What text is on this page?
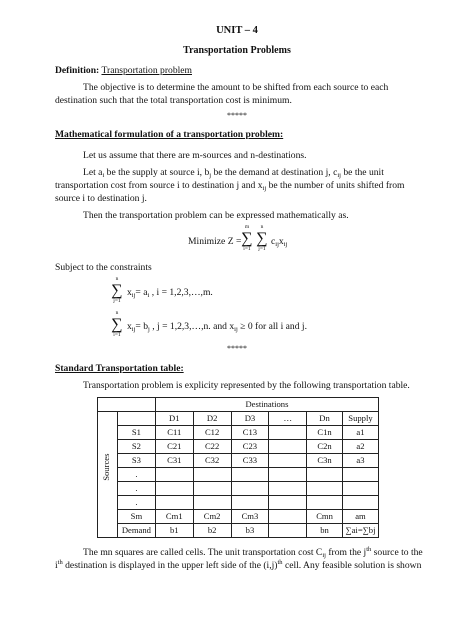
UNIT – 4
Transportation Problems
Definition: Transportation problem
The objective is to determine the amount to be shifted from each source to each
destination such that the total transportation cost is minimum.
*****
Mathematical formulation of a transportation problem:
Let us assume that there are m-sources and n-destinations.
Let $a_i$ be the supply at source i, $b_j$ be the demand at destination j, $c_{ij}$ be the unit
transportation cost from source i to destination j and $x_{ij}$ be the number of units shifted from
source i to destination j.
Then the transportation problem can be expressed mathematically as.
Minimize Z =
m
∑
i=1
n
∑
j=1
$c_{ij}x_{ij}$
Subject to the constraints
n
∑
j=1
$x_{ij}= a_i$ , i = 1,2,3,…,m.
n
∑
i=1
$x_{ij}= b_j$ , j = 1,2,3,…,n. and $x_{ij} \ge 0$ for all i and j.
*****
Standard Transportation table:
Transportation problem is explicity represented by the following transportation table.
		Destinations					

Sources		D1	D2	D3	…	Dn	Supply
	S1	C11	C12	C13		C1n	a1
	S2	C21	C22	C23		C2n	a2
	S3	C31	C32	C33		C3n	a3
	.						
	.						
	.						
	Sm	Cm1	Cm2	Cm3		Cmn	am
	Demand	b1	b2	b3		bn	∑ai=∑bj
The mn squares are called cells. The unit transportation cost $C_{ij}$ from the $j^{th}$ source to the
$i^{th}$ destination is displayed in the upper left side of the $(i,j)^{th}$ cell. Any feasible solution is shown
